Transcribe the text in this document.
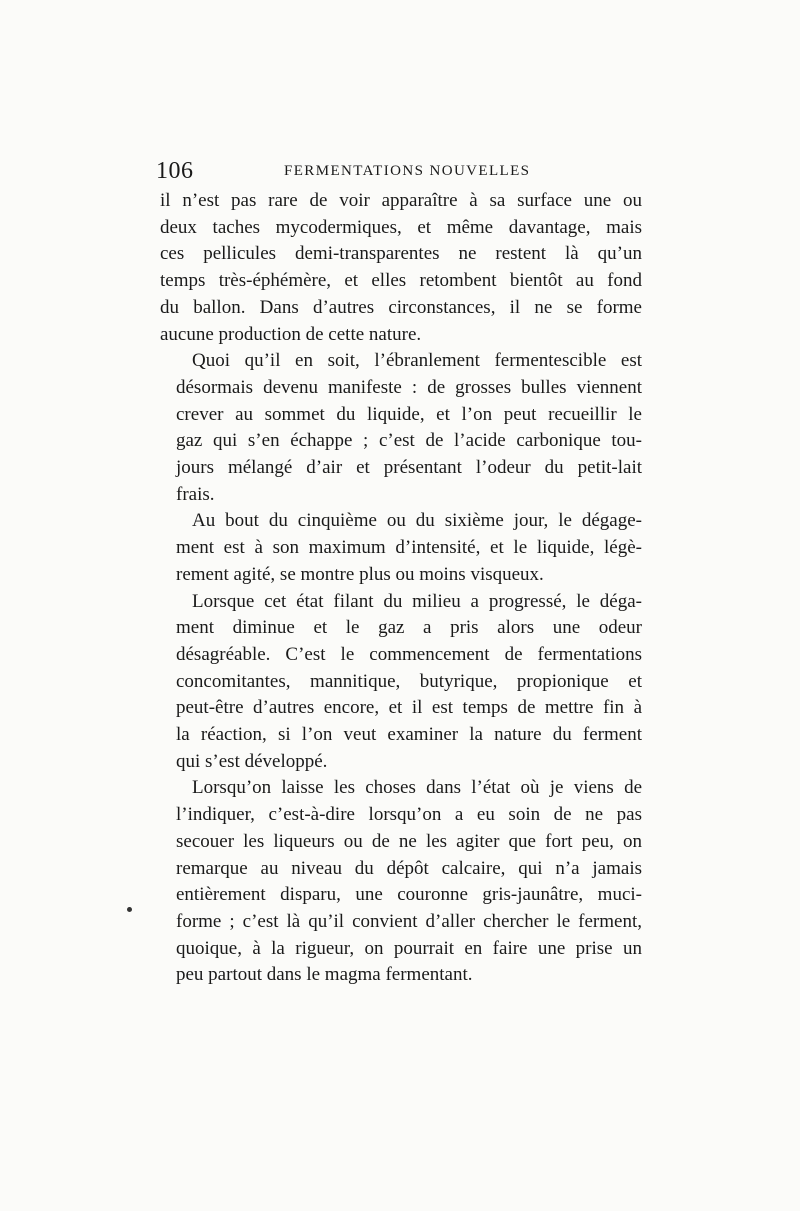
106	FERMENTATIONS NOUVELLES
il n’est pas rare de voir apparaître à sa surface une ou
deux taches mycodermiques, et même davantage, mais
ces pellicules demi-transparentes ne restent là qu’un
temps très-éphémère, et elles retombent bientôt au fond
du ballon. Dans d’autres circonstances, il ne se forme
aucune production de cette nature.
Quoi qu’il en soit, l’ébranlement fermentescible est
désormais devenu manifeste : de grosses bulles viennent
crever au sommet du liquide, et l’on peut recueillir le
gaz qui s’en échappe ; c’est de l’acide carbonique tou-
jours mélangé d’air et présentant l’odeur du petit-lait
frais.
Au bout du cinquième ou du sixième jour, le dégage-
ment est à son maximum d’intensité, et le liquide, légè-
rement agité, se montre plus ou moins visqueux.
Lorsque cet état filant du milieu a progressé, le déga-
ment diminue et le gaz a pris alors une odeur
désagréable. C’est le commencement de fermentations
concomitantes, mannitique, butyrique, propionique et
peut-être d’autres encore, et il est temps de mettre fin à
la réaction, si l’on veut examiner la nature du ferment
qui s’est développé.
Lorsqu’on laisse les choses dans l’état où je viens de
l’indiquer, c’est-à-dire lorsqu’on a eu soin de ne pas
secouer les liqueurs ou de ne les agiter que fort peu, on
remarque au niveau du dépôt calcaire, qui n’a jamais
entièrement disparu, une couronne gris-jaunâtre, muci-
forme ; c’est là qu’il convient d’aller chercher le ferment,
quoique, à la rigueur, on pourrait en faire une prise un
peu partout dans le magma fermentant.
